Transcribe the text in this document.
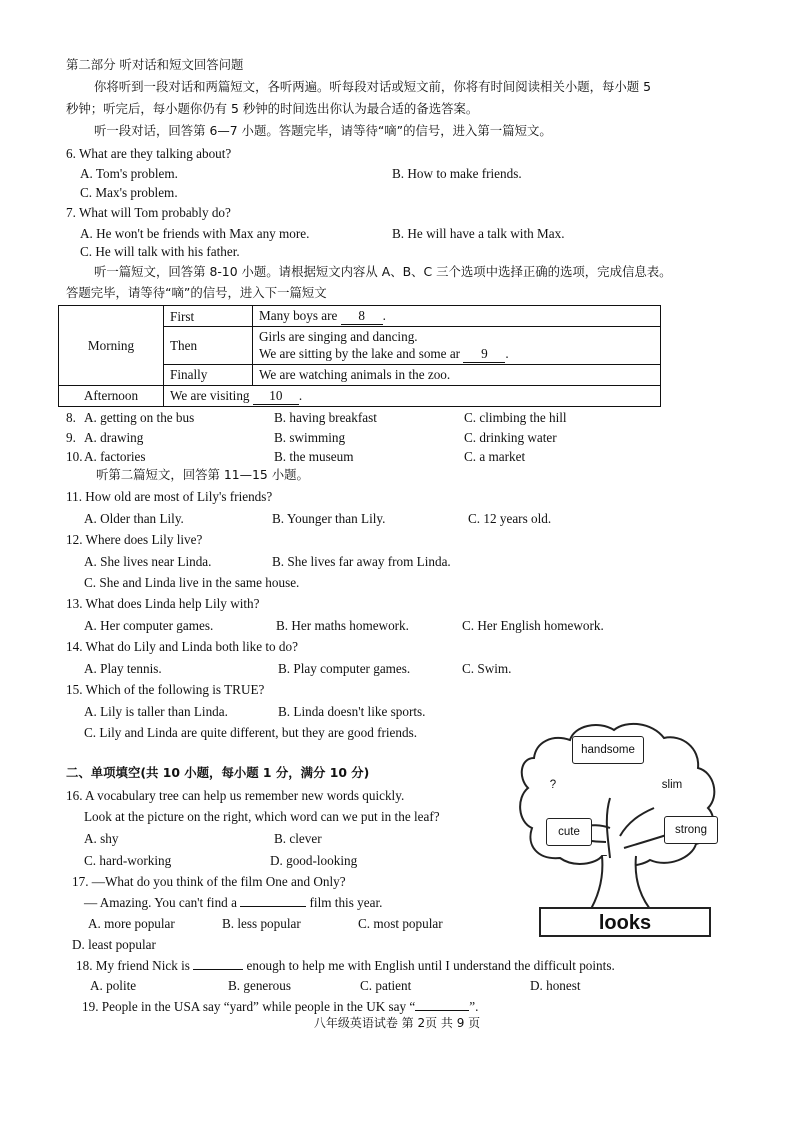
第二部分 听对话和短文回答问题
你将听到一段对话和两篇短文，各听两遍。听每段对话或短文前，你将有时间阅读相关小题，每小题 5
秒钟；听完后，每小题你仍有 5 秒钟的时间选出你认为最合适的备选答案。
听一段对话，回答第 6—7 小题。答题完毕，请等待“嘀”的信号，进入第一篇短文。
6. What are they talking about?
A. Tom's problem.	B. How to make friends.
C. Max's problem.
7. What will Tom probably do?
A. He won't be friends with Max any more.	B. He will have a talk with Max.
C. He will talk with his father.
听一篇短文，回答第 8-10 小题。请根据短文内容从 A、B、C 三个选项中选择正确的选项，完成信息表。
答题完毕，请等待“嘀”的信号，进入下一篇短文
Morning	First	Many boys are 8 .
	Then	Girls are singing and dancing.
We are sitting by the lake and some ar 9 .

	Finally	We are watching animals in the zoo.
Afternoon	We are visiting 10 .	
8. A. getting on the bus	B. having breakfast	C. climbing the hill
9. A. drawing	B. swimming	C. drinking water
10. A. factories	B. the museum	C. a market
听第二篇短文，回答第 11—15 小题。
11. How old are most of Lily's friends?
A. Older than Lily.	B. Younger than Lily.	C. 12 years old.
12. Where does Lily live?
A. She lives near Linda.	B. She lives far away from Linda.
C. She and Linda live in the same house.
13. What does Linda help Lily with?
A. Her computer games.	B. Her maths homework.	C. Her English homework.
14. What do Lily and Linda both like to do?
A. Play tennis.	B. Play computer games.	C. Swim.
15. Which of the following is TRUE?
A. Lily is taller than Linda.	B. Linda doesn't like sports.
C. Lily and Linda are quite different, but they are good friends.
二、单项填空(共 10 小题，每小题 1 分，满分 10 分)
16. A vocabulary tree can help us remember new words quickly.
Look at the picture on the right, which word can we put in the leaf?
A. shy	B. clever
C. hard-working	D. good-looking
17. —What do you think of the film One and Only?
— Amazing. You can't find a	film this year.
A. more popular	B. less popular	C. most popular
D. least popular
18. My friend Nick is	enough to help me with English until I understand the difficult points.
A. polite	B. generous	C. patient	D. honest
19. People in the USA say “yard” while people in the UK say “	”.
handsome
?	slim
cute	strong
looks
八年级英语试卷 第 2页 共 9 页
